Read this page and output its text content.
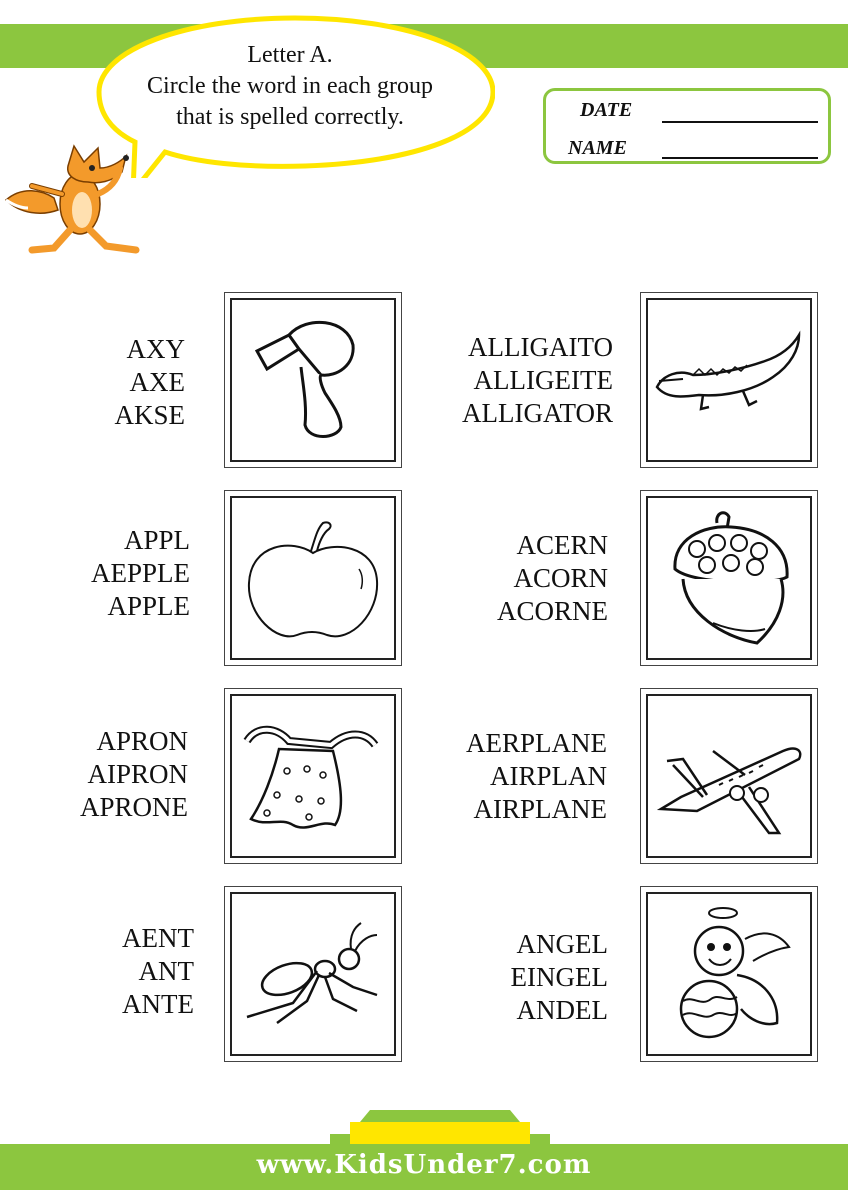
Letter A.
Circle the word in each group
that is spelled correctly.	DATE
NAME
AXY
AXE
AKSE
ALLIGAITO
ALLIGEITE
ALLIGATOR
APPL
AEPPLE
APPLE
ACERN
ACORN
ACORNE
APRON
AIPRON
APRONE
AERPLANE
AIRPLAN
AIRPLANE
AENT
ANT
ANTE
ANGEL
EINGEL
ANDEL
www.KidsUnder7.com
